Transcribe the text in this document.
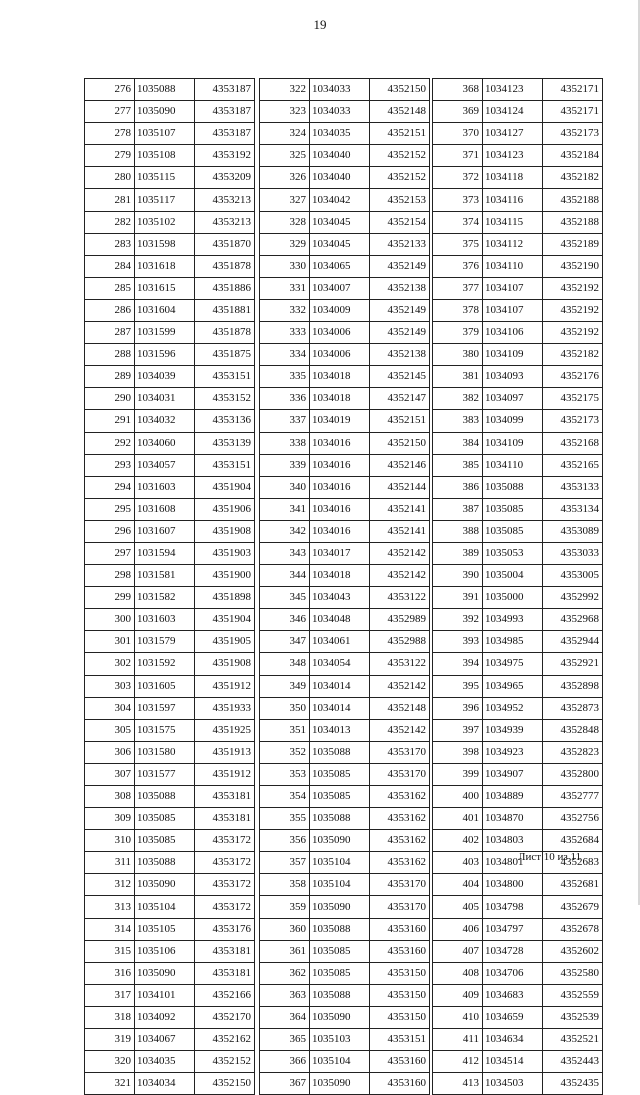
19
276	1035088	4353187
277	1035090	4353187
278	1035107	4353187
279	1035108	4353192
280	1035115	4353209
281	1035117	4353213
282	1035102	4353213
283	1031598	4351870
284	1031618	4351878
285	1031615	4351886
286	1031604	4351881
287	1031599	4351878
288	1031596	4351875
289	1034039	4353151
290	1034031	4353152
291	1034032	4353136
292	1034060	4353139
293	1034057	4353151
294	1031603	4351904
295	1031608	4351906
296	1031607	4351908
297	1031594	4351903
298	1031581	4351900
299	1031582	4351898
300	1031603	4351904
301	1031579	4351905
302	1031592	4351908
303	1031605	4351912
304	1031597	4351933
305	1031575	4351925
306	1031580	4351913
307	1031577	4351912
308	1035088	4353181
309	1035085	4353181
310	1035085	4353172
311	1035088	4353172
312	1035090	4353172
313	1035104	4353172
314	1035105	4353176
315	1035106	4353181
316	1035090	4353181
317	1034101	4352166
318	1034092	4352170
319	1034067	4352162
320	1034035	4352152
321	1034034	4352150
322	1034033	4352150
323	1034033	4352148
324	1034035	4352151
325	1034040	4352152
326	1034040	4352152
327	1034042	4352153
328	1034045	4352154
329	1034045	4352133
330	1034065	4352149
331	1034007	4352138
332	1034009	4352149
333	1034006	4352149
334	1034006	4352138
335	1034018	4352145
336	1034018	4352147
337	1034019	4352151
338	1034016	4352150
339	1034016	4352146
340	1034016	4352144
341	1034016	4352141
342	1034016	4352141
343	1034017	4352142
344	1034018	4352142
345	1034043	4353122
346	1034048	4352989
347	1034061	4352988
348	1034054	4353122
349	1034014	4352142
350	1034014	4352148
351	1034013	4352142
352	1035088	4353170
353	1035085	4353170
354	1035085	4353162
355	1035088	4353162
356	1035090	4353162
357	1035104	4353162
358	1035104	4353170
359	1035090	4353170
360	1035088	4353160
361	1035085	4353160
362	1035085	4353150
363	1035088	4353150
364	1035090	4353150
365	1035103	4353151
366	1035104	4353160
367	1035090	4353160
368	1034123	4352171
369	1034124	4352171
370	1034127	4352173
371	1034123	4352184
372	1034118	4352182
373	1034116	4352188
374	1034115	4352188
375	1034112	4352189
376	1034110	4352190
377	1034107	4352192
378	1034107	4352192
379	1034106	4352192
380	1034109	4352182
381	1034093	4352176
382	1034097	4352175
383	1034099	4352173
384	1034109	4352168
385	1034110	4352165
386	1035088	4353133
387	1035085	4353134
388	1035085	4353089
389	1035053	4353033
390	1035004	4353005
391	1035000	4352992
392	1034993	4352968
393	1034985	4352944
394	1034975	4352921
395	1034965	4352898
396	1034952	4352873
397	1034939	4352848
398	1034923	4352823
399	1034907	4352800
400	1034889	4352777
401	1034870	4352756
402	1034803	4352684
403	1034801	4352683
404	1034800	4352681
405	1034798	4352679
406	1034797	4352678
407	1034728	4352602
408	1034706	4352580
409	1034683	4352559
410	1034659	4352539
411	1034634	4352521
412	1034514	4352443
413	1034503	4352435
Лист 10 из 11
